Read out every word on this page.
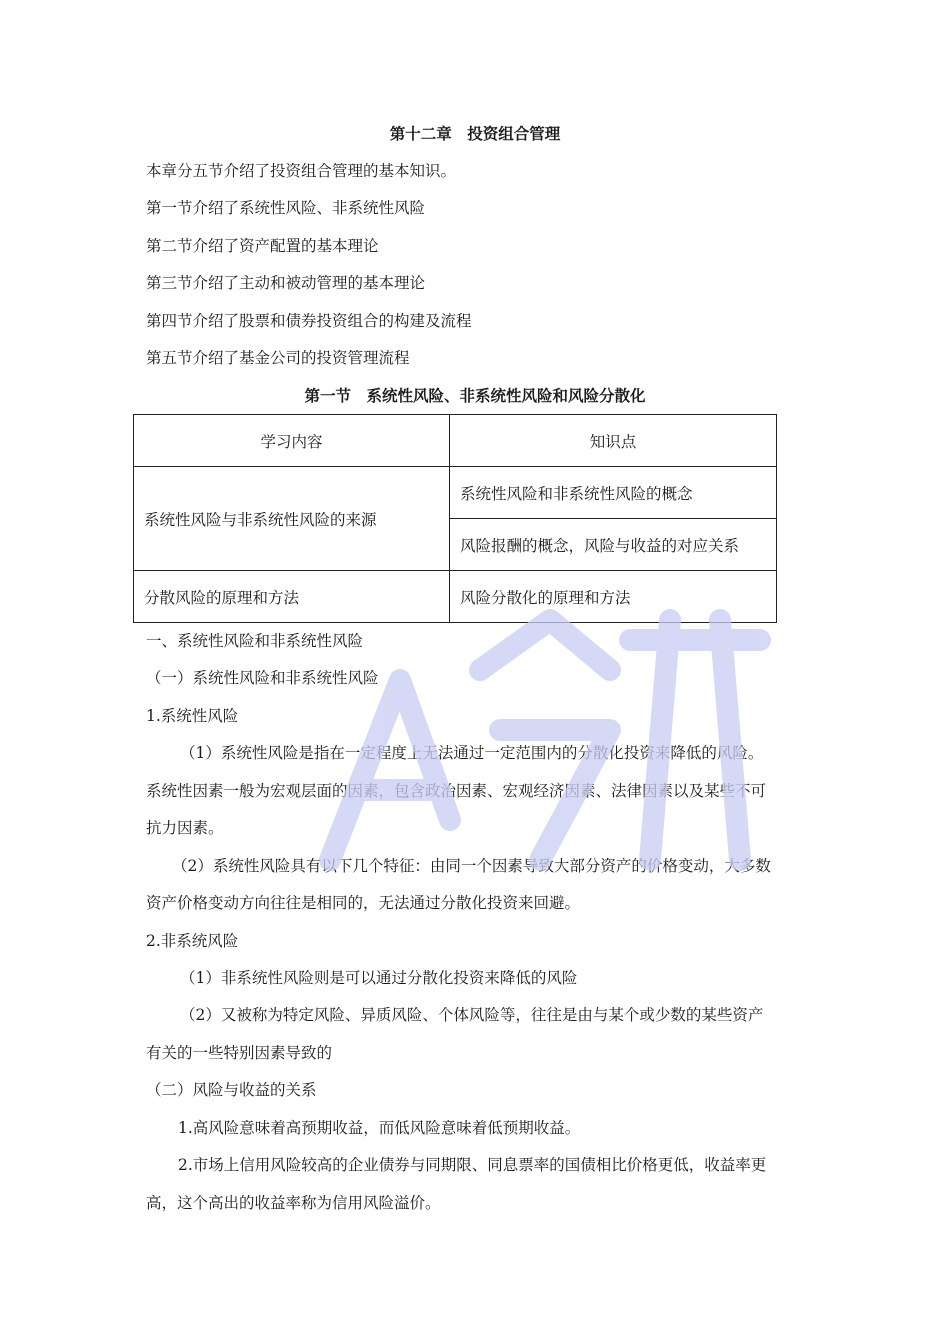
第十二章　投资组合管理
本章分五节介绍了投资组合管理的基本知识。
第一节介绍了系统性风险、非系统性风险
第二节介绍了资产配置的基本理论
第三节介绍了主动和被动管理的基本理论
第四节介绍了股票和债券投资组合的构建及流程
第五节介绍了基金公司的投资管理流程
第一节　系统性风险、非系统性风险和风险分散化
学习内容	知识点
系统性风险与非系统性风险的来源	系统性风险和非系统性风险的概念
	风险报酬的概念，风险与收益的对应关系
分散风险的原理和方法	风险分散化的原理和方法
一、系统性风险和非系统性风险
（一）系统性风险和非系统性风险
1.系统性风险
（1）系统性风险是指在一定程度上无法通过一定范围内的分散化投资来降低的风险。
系统性因素一般为宏观层面的因素，包含政治因素、宏观经济因素、法律因素以及某些不可
抗力因素。
（2）系统性风险具有以下几个特征：由同一个因素导致大部分资产的价格变动，大多数
资产价格变动方向往往是相同的，无法通过分散化投资来回避。
2.非系统风险
（1）非系统性风险则是可以通过分散化投资来降低的风险
（2）又被称为特定风险、异质风险、个体风险等，往往是由与某个或少数的某些资产
有关的一些特别因素导致的
（二）风险与收益的关系
1.高风险意味着高预期收益，而低风险意味着低预期收益。
2.市场上信用风险较高的企业债券与同期限、同息票率的国债相比价格更低，收益率更
高，这个高出的收益率称为信用风险溢价。
